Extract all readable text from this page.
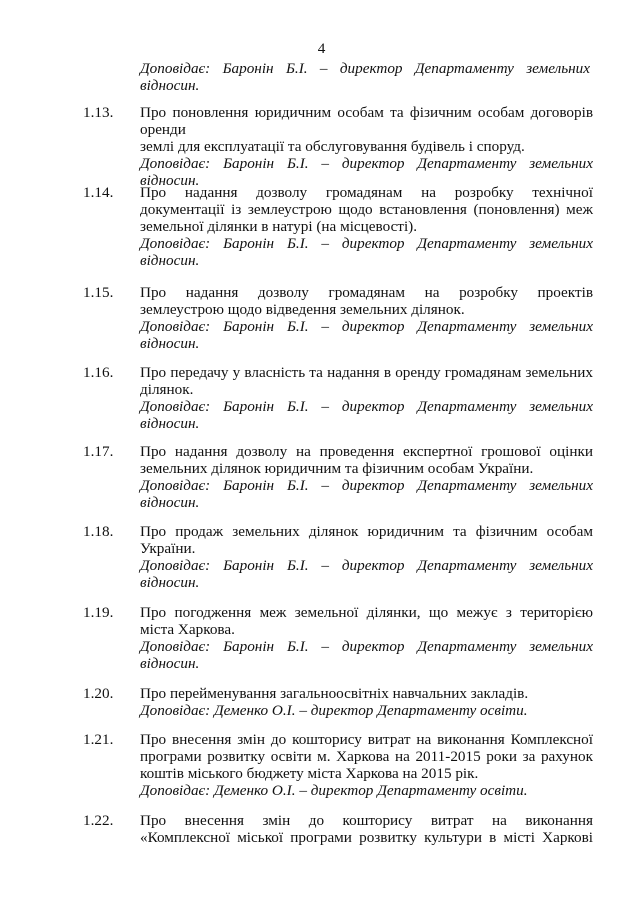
4
Доповідає: Баронін Б.І. – директор Департаменту земельних
відносин.
1.13. Про поновлення юридичним особам та фізичним особам договорів оренди
землі для експлуатації та обслуговування будівель і споруд.
Доповідає: Баронін Б.І. – директор Департаменту земельних
відносин.
1.14. Про надання дозволу громадянам на розробку технічної
документації із землеустрою щодо встановлення (поновлення) меж
земельної ділянки в натурі (на місцевості).
Доповідає: Баронін Б.І. – директор Департаменту земельних
відносин.
1.15. Про надання дозволу громадянам на розробку проектів
землеустрою щодо відведення земельних ділянок.
Доповідає: Баронін Б.І. – директор Департаменту земельних
відносин.
1.16. Про передачу у власність та надання в оренду громадянам земельних
ділянок.
Доповідає: Баронін Б.І. – директор Департаменту земельних
відносин.
1.17. Про надання дозволу на проведення експертної грошової оцінки
земельних ділянок юридичним та фізичним особам України.
Доповідає: Баронін Б.І. – директор Департаменту земельних
відносин.
1.18. Про продаж земельних ділянок юридичним та фізичним особам
України.
Доповідає: Баронін Б.І. – директор Департаменту земельних
відносин.
1.19. Про погодження меж земельної ділянки, що межує з територією
міста Харкова.
Доповідає: Баронін Б.І. – директор Департаменту земельних
відносин.
1.20. Про перейменування загальноосвітніх навчальних закладів.
Доповідає: Деменко О.І. – директор Департаменту освіти.
1.21. Про внесення змін до кошторису витрат на виконання Комплексної
програми розвитку освіти м. Харкова на 2011-2015 роки за рахунок
коштів міського бюджету міста Харкова на 2015 рік.
Доповідає: Деменко О.І. – директор Департаменту освіти.
1.22. Про внесення змін до кошторису витрат на виконання
«Комплексної міської програми розвитку культури в місті Харкові
